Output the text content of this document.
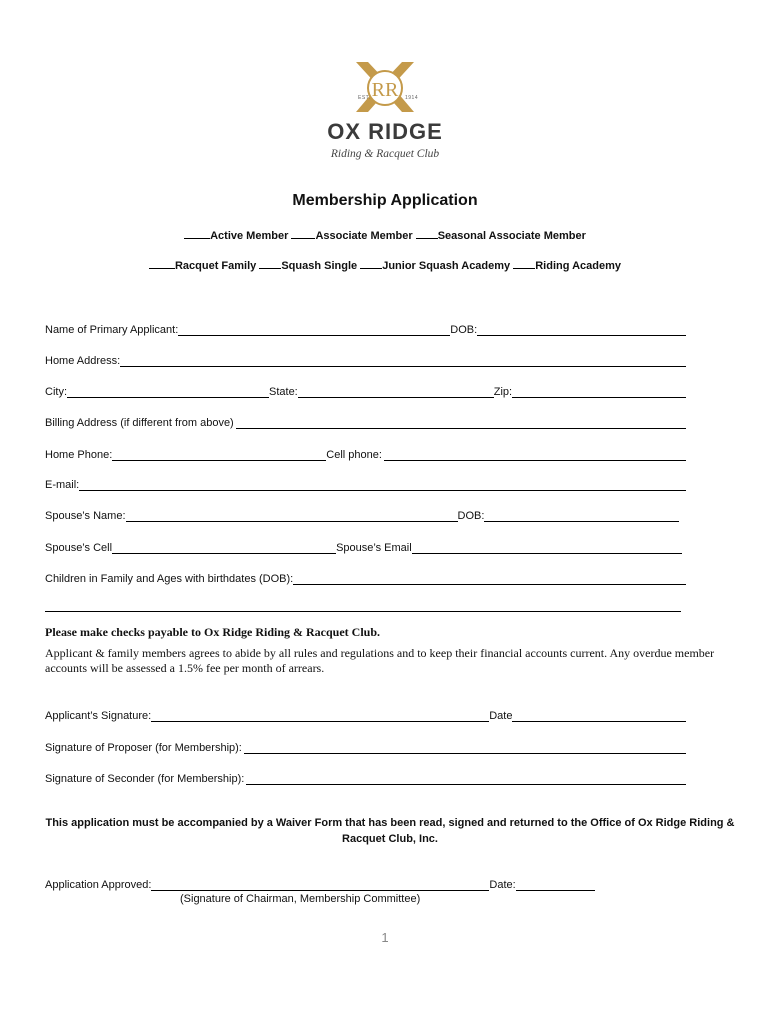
RR
EST.	1914
OX RIDGE
Riding & Racquet Club
Membership Application
Active Member Associate Member Seasonal Associate Member
Racquet Family Squash Single Junior Squash Academy Riding Academy
Name of Primary Applicant:	DOB:
Home Address:
City:	State:	Zip:
Billing Address (if different from above)
Home Phone:	Cell phone:
E-mail:
Spouse’s Name:	DOB:
Spouse’s Cell	Spouse’s Email
Children in Family and Ages with birthdates (DOB):
Please make checks payable to Ox Ridge Riding & Racquet Club.
Applicant & family members agrees to abide by all rules and regulations and to keep their financial accounts current. Any overdue member accounts will be assessed a 1.5% fee per month of arrears.
Applicant’s Signature:	Date
Signature of Proposer (for Membership):
Signature of Seconder (for Membership):
This application must be accompanied by a Waiver Form that has been read, signed and returned to the Office of Ox Ridge Riding &
Racquet Club, Inc.
Application Approved:	Date:
(Signature of Chairman, Membership Committee)
1
